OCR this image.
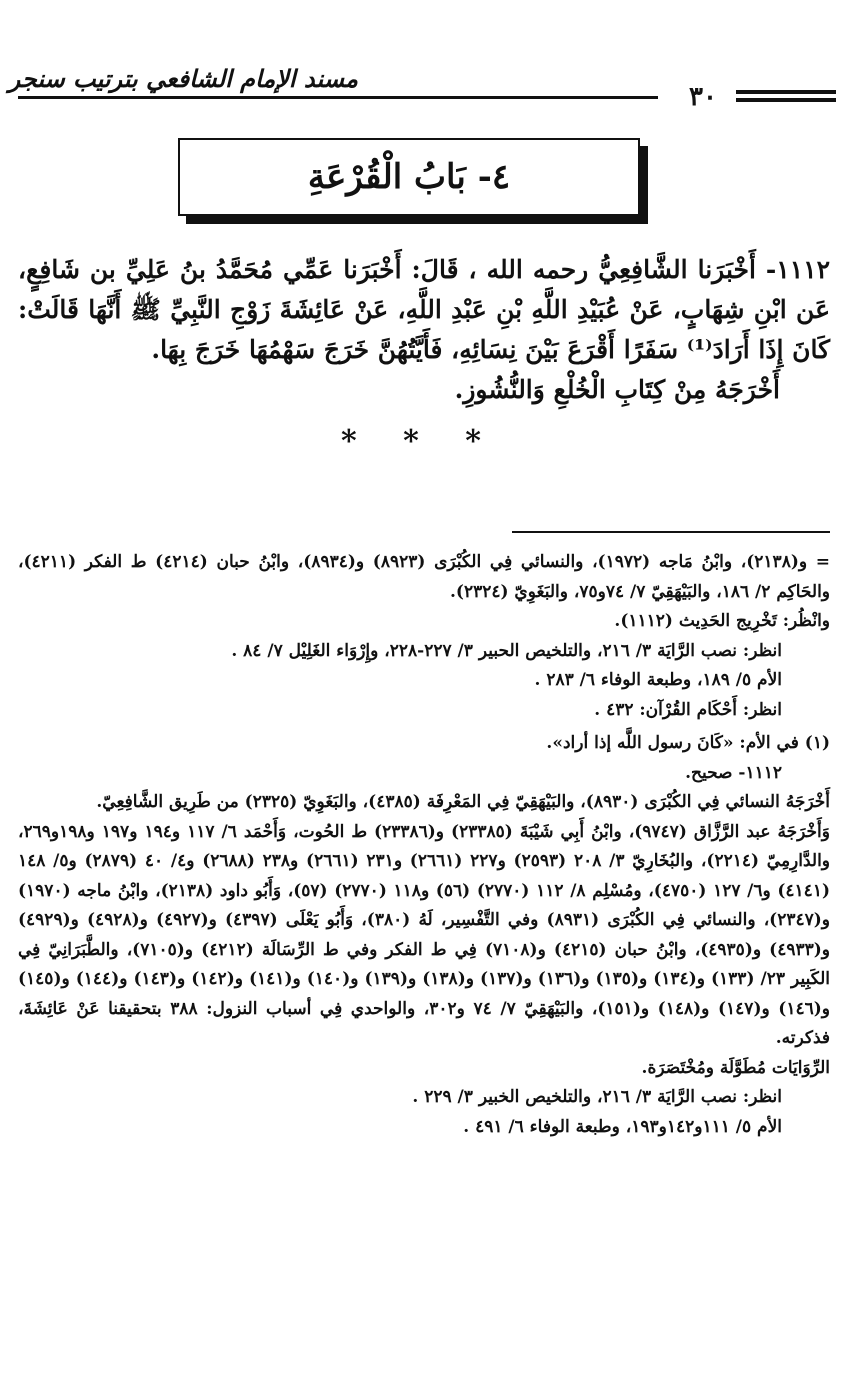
مسند الإمام الشافعي بترتيب سنجر
٣٠
٤- بَابُ الْقُرْعَةِ

١١١٢- أَخْبَرَنا الشَّافِعِيُّ رحمه الله ، قَالَ: أَخْبَرَنا عَمِّي مُحَمَّدُ بنُ عَلِيِّ بن شَافِعٍ، عَن ابْنِ شِهَابٍ، عَنْ عُبَيْدِ اللَّهِ بْنِ عَبْدِ اللَّهِ، عَنْ عَائِشَةَ زَوْجِ النَّبِيِّ ﷺ أَنَّهَا قَالَتْ: كَانَ إِذَا أَرَادَ⁽¹⁾ سَفَرًا أَقْرَعَ بَيْنَ نِسَائِهِ، فَأَيَّتُهُنَّ خَرَجَ سَهْمُهَا خَرَجَ بِهَا.

أَخْرَجَهُ مِنْ كِتَابِ الْخُلْعِ وَالنُّشُوزِ.

* * *

= و(٢١٣٨)، وابْنُ مَاجه (١٩٧٢)، والنسائي فِي الكُبْرَى (٨٩٢٣) و(٨٩٣٤)، وابْنُ حبان (٤٢١٤) ط الفكر (٤٢١١)، والحَاكِم ٢/ ١٨٦، والبَيْهَقِيّ ٧/ ٧٤و٧٥، والبَغَوِيّ (٢٣٢٤).

وانْظُر: تَخْرِيج الحَدِيث (١١١٢).

انظر: نصب الرَّايَة ٣/ ٢١٦، والتلخيص الحبير ٣/ ٢٢٧-٢٢٨، وإِرْوَاء الغَلِيْل ٧/ ٨٤ .

الأم ٥/ ١٨٩، وطبعة الوفاء ٦/ ٢٨٣ .

انظر: أَحْكَام القُرْآن: ٤٣٢ .

(١) في الأم: «كَانَ رسول اللَّه إذا أراد».

١١١٢- صحيح.

أَخْرَجَهُ النسائي فِي الكُبْرَى (٨٩٣٠)، والبَيْهَقِيّ فِي المَعْرِفَة (٤٣٨٥)، والبَغَوِيّ (٢٣٢٥) من طَرِيق الشَّافِعِيّ.

وَأَخْرَجَهُ عبد الرَّزَّاق (٩٧٤٧)، وابْنُ أَبِي شَيْبَةَ (٢٣٣٨٥) و(٢٣٣٨٦) ط الحُوت، وَأَحْمَد ٦/ ١١٧ و١٩٤ و١٩٧ و١٩٨و٢٦٩، والدَّارِمِيّ (٢٢١٤)، والبُخَارِيّ ٣/ ٢٠٨ (٢٥٩٣) و٢٢٧ (٢٦٦١) و٢٣١ (٢٦٦١) و٢٣٨ (٢٦٨٨) و٤/ ٤٠ (٢٨٧٩) و٥/ ١٤٨ (٤١٤١) و٦/ ١٢٧ (٤٧٥٠)، ومُسْلِم ٨/ ١١٢ (٢٧٧٠) (٥٦) و١١٨ (٢٧٧٠) (٥٧)، وَأَبُو داود (٢١٣٨)، وابْنُ ماجه (١٩٧٠) و(٢٣٤٧)، والنسائي فِي الكُبْرَى (٨٩٣١) وفي التَّفْسِير، لَهُ (٣٨٠)، وَأَبُو يَعْلَى (٤٣٩٧) و(٤٩٢٧) و(٤٩٢٨) و(٤٩٢٩) و(٤٩٣٣) و(٤٩٣٥)، وابْنُ حبان (٤٢١٥) و(٧١٠٨) فِي ط الفكر وفي ط الرِّسَالَة (٤٢١٢) و(٧١٠٥)، والطَّبَرَانِيّ فِي الكَبِير ٢٣/ (١٣٣) و(١٣٤) و(١٣٥) و(١٣٦) و(١٣٧) و(١٣٨) و(١٣٩) و(١٤٠) و(١٤١) و(١٤٢) و(١٤٣) و(١٤٤) و(١٤٥) و(١٤٦) و(١٤٧) و(١٤٨) و(١٥١)، والبَيْهَقِيّ ٧/ ٧٤ و٣٠٢، والواحدي فِي أسباب النزول: ٣٨٨ بتحقيقنا عَنْ عَائِشَةَ، فذكرته.

الرِّوَايَات مُطَوَّلَة ومُخْتَصَرَة.

انظر: نصب الرَّايَة ٣/ ٢١٦، والتلخيص الخبير ٣/ ٢٢٩ .

الأم ٥/ ١١١و١٤٢و١٩٣، وطبعة الوفاء ٦/ ٤٩١ .
